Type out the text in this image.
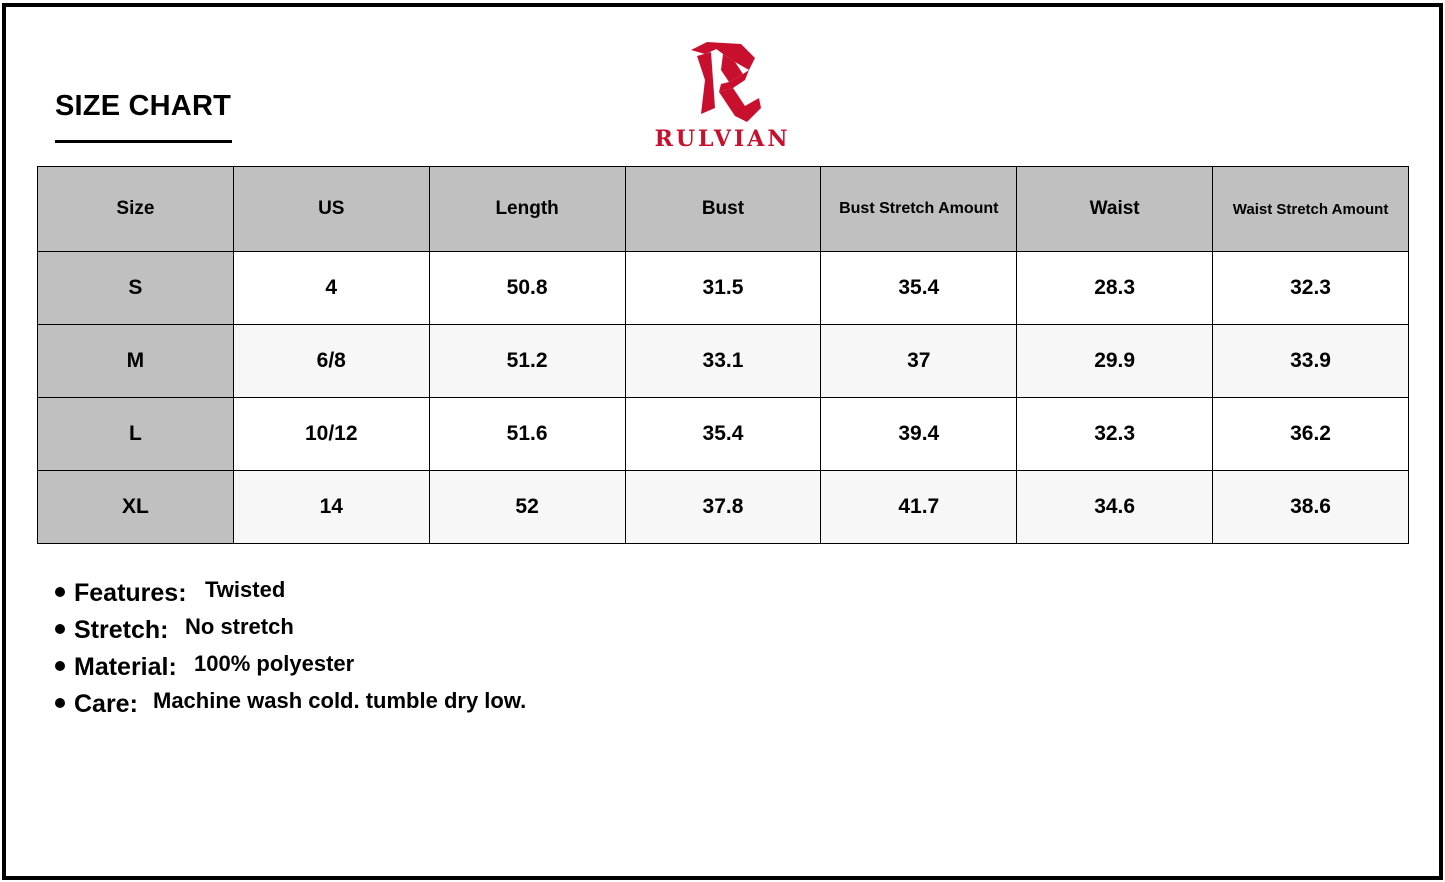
SIZE CHART
RULVIAN
Size	US	Length	Bust	Bust Stretch Amount	Waist	Waist Stretch Amount
S	4	50.8	31.5	35.4	28.3	32.3
M	6/8	51.2	33.1	37	29.9	33.9
L	10/12	51.6	35.4	39.4	32.3	36.2
XL	14	52	37.8	41.7	34.6	38.6
Features: Twisted
Stretch: No stretch
Material: 100% polyester
Care: Machine wash cold. tumble dry low.
